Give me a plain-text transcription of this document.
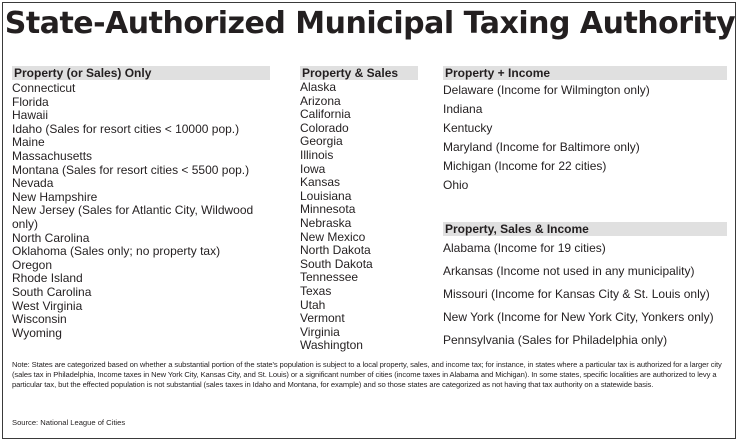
State-Authorized Municipal Taxing Authority
Property (or Sales) Only
Connecticut
Florida
Hawaii
Idaho (Sales for resort cities < 10000 pop.)
Maine
Massachusetts
Montana (Sales for resort cities < 5500 pop.)
Nevada
New Hampshire
New Jersey (Sales for Atlantic City, Wildwood only)
North Carolina
Oklahoma (Sales only; no property tax)
Oregon
Rhode Island
South Carolina
West Virginia
Wisconsin
Wyoming
Property & Sales
Alaska
Arizona
California
Colorado
Georgia
Illinois
Iowa
Kansas
Louisiana
Minnesota
Nebraska
New Mexico
North Dakota
South Dakota
Tennessee
Texas
Utah
Vermont
Virginia
Washington
Property + Income
Delaware (Income for Wilmington only)
Indiana
Kentucky
Maryland (Income for Baltimore only)
Michigan (Income for 22 cities)
Ohio
Property, Sales & Income
Alabama (Income for 19 cities)
Arkansas (Income not used in any municipality)
Missouri (Income for Kansas City & St. Louis only)
New York (Income for New York City, Yonkers only)
Pennsylvania (Sales for Philadelphia only)
Note: States are categorized based on whether a substantial portion of the state's population is subject to a local property, sales, and income tax; for instance, in states where a particular tax is authorized for a larger city (sales tax in Philadelphia, Income taxes in New York City, Kansas City, and St. Louis) or a significant number of cities (income taxes in Alabama and Michigan). In some states, specific localities are authorized to levy a particular tax, but the effected population is not substantial (sales taxes in Idaho and Montana, for example) and so those states are categorized as not having that tax authority on a statewide basis.
Source: National League of Cities
